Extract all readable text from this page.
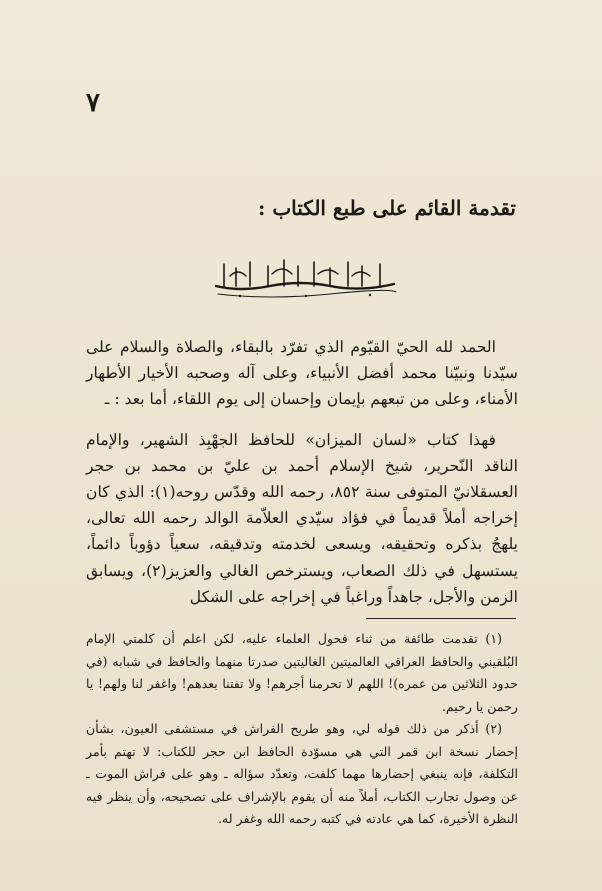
٧
تقدمة القائم على طبع الكتاب :

الحمد لله الحيّ القيّوم الذي تفرّد بالبقاء، والصلاة والسلام على سيّدنا ونبيّنا محمد أفضل الأنبياء، وعلى آله وصحبه الأخيار الأطهار الأمناء، وعلى من تبعهم بإيمان وإحسان إلى يوم اللقاء، أما بعد : ـ

فهذا كتاب «لسان الميزان» للحافظ الجهْبِذ الشهير، والإمام الناقد النّحرير، شيخ الإسلام أحمد بن عليّ بن محمد بن حجر العسقلانيّ المتوفى سنة ٨٥٢، رحمه الله وقدّس روحه(١): الذي كان إخراجه أملاً قديماً في فؤاد سيّدي العلاّمة الوالد رحمه الله تعالى، يلهجُ بذكره وتحقيقه، ويسعى لخدمته وتدقيقه، سعياً دؤوباً دائماً، يستسهل في ذلك الصعاب، ويسترخص الغالي والعزيز(٢)، ويسابق الزمن والأجل، جاهداً وراغباً في إخراجه على الشكل

(١) تقدمت طائفة من ثناء فحول العلماء عليه، لكن اعلم أن كلمتي الإمام البُلقيني والحافظ العراقي العالميتين الغاليتين صدرتا منهما والحافظ في شبابه (في حدود الثلاثين من عمره)! اللهم لا تحرمنا أجرهم! ولا تفتنا بعدهم! واغفر لنا ولهم! يا رحمن يا رحيم.

(٢) أذكر من ذلك قوله لي، وهو طريح الفراش في مستشفى العيون، بشأن إحضار نسخة ابن قمر التي هي مسوّدة الحافظ ابن حجر للكتاب: لا تهتم بأمر التكلفة، فإنه ينبغي إحضارها مهما كلفت، وتعدّد سؤاله ـ وهو على فراش الموت ـ عن وصول تجارب الكتاب، أملاً منه أن يقوم بالإشراف على تصحيحه، وأن ينظر فيه النظرة الأخيرة، كما هي عادته في كتبه رحمه الله وغفر له.
